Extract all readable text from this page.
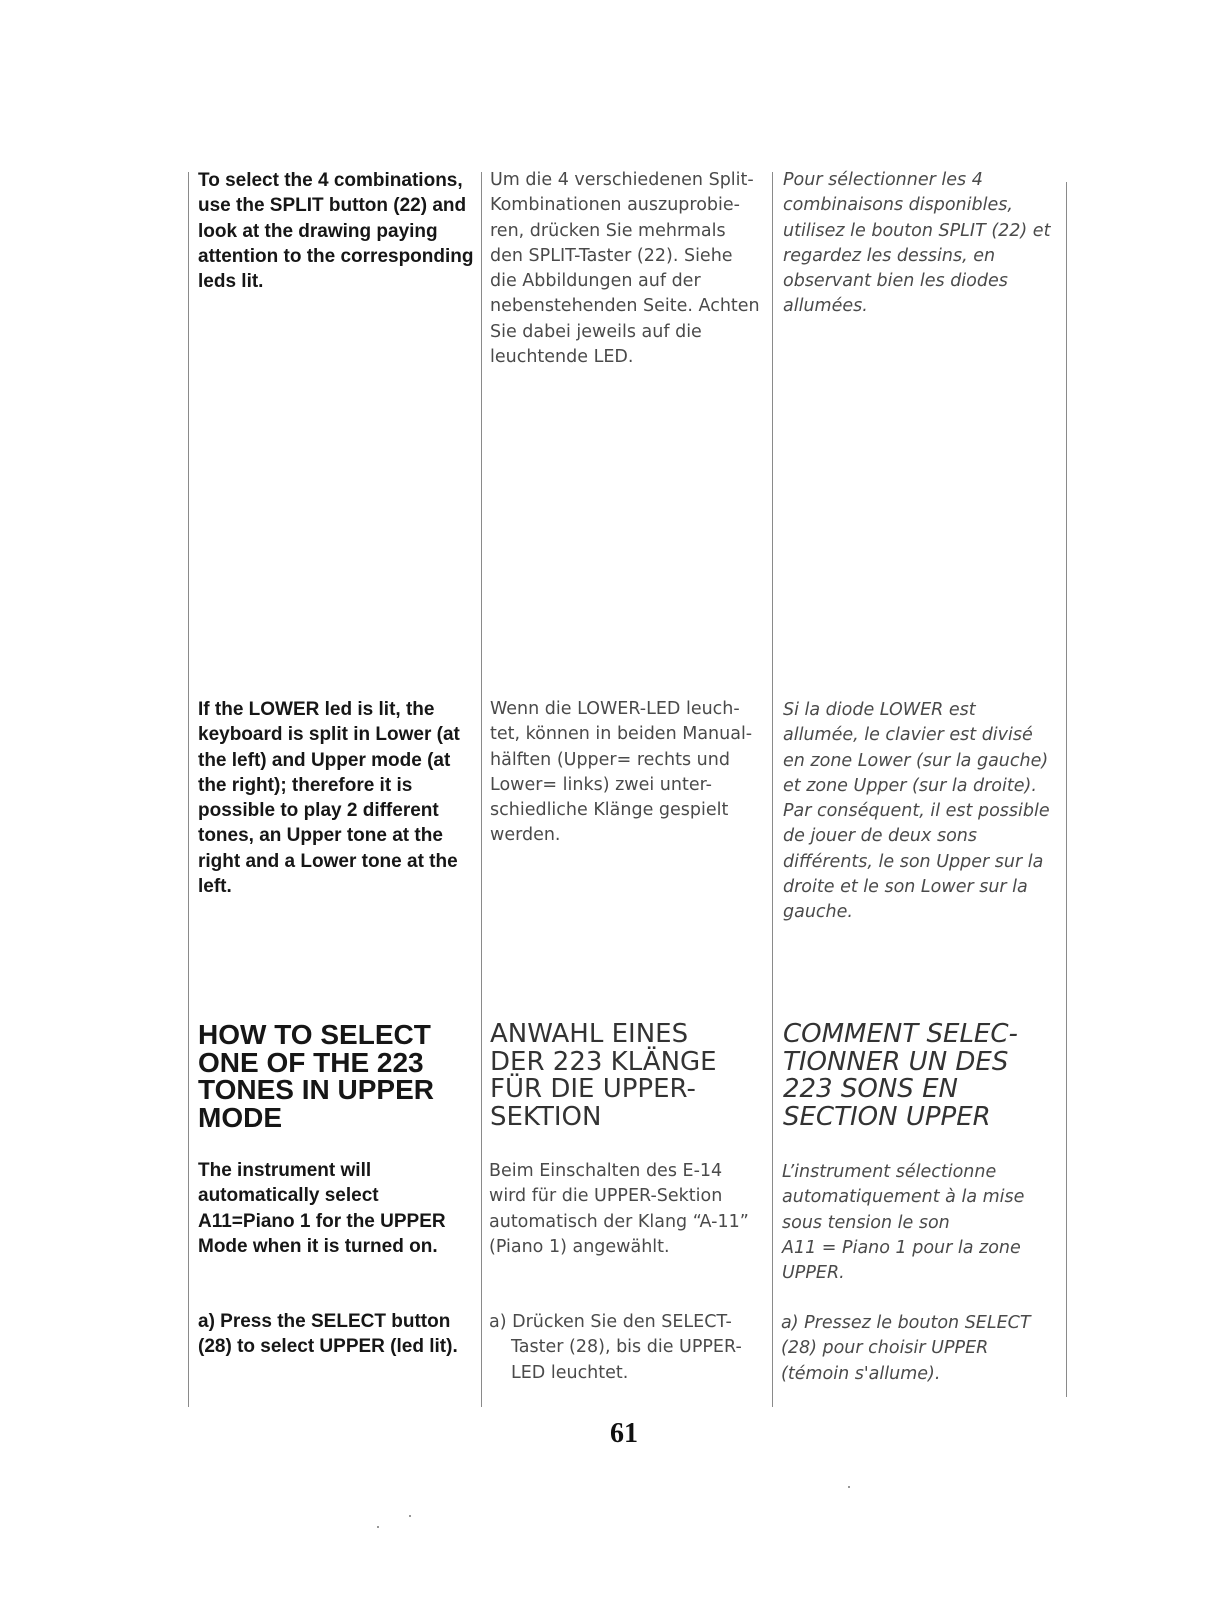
To select the 4 combinations,
use the SPLIT button (22) and
look at the drawing paying
attention to the corresponding
leds lit.
Um die 4 verschiedenen Split-
Kombinationen auszuprobie-
ren, drücken Sie mehrmals
den SPLIT-Taster (22). Siehe
die Abbildungen auf der
nebenstehenden Seite. Achten
Sie dabei jeweils auf die
leuchtende LED.
Pour sélectionner les 4
combinaisons disponibles,
utilisez le bouton SPLIT (22) et
regardez les dessins, en
observant bien les diodes
allumées.
If the LOWER led is lit, the
keyboard is split in Lower (at
the left) and Upper mode (at
the right); therefore it is
possible to play 2 different
tones, an Upper tone at the
right and a Lower tone at the
left.
Wenn die LOWER-LED leuch-
tet, können in beiden Manual-
hälften (Upper= rechts und
Lower= links) zwei unter-
schiedliche Klänge gespielt
werden.
Si la diode LOWER est
allumée, le clavier est divisé
en zone Lower (sur la gauche)
et zone Upper (sur la droite).
Par conséquent, il est possible
de jouer de deux sons
différents, le son Upper sur la
droite et le son Lower sur la
gauche.
HOW TO SELECT
ONE OF THE 223
TONES IN UPPER
MODE
ANWAHL EINES
DER 223 KLÄNGE
FÜR DIE UPPER-
SEKTION
COMMENT SELEC-
TIONNER UN DES
223 SONS EN
SECTION UPPER
The instrument will
automatically select
A11=Piano 1 for the UPPER
Mode when it is turned on.
Beim Einschalten des E-14
wird für die UPPER-Sektion
automatisch der Klang “A-11”
(Piano 1) angewählt.
L’instrument sélectionne
automatiquement à la mise
sous tension le son
A11 = Piano 1 pour la zone
UPPER.
a) Press the SELECT button
(28) to select UPPER (led lit).
a) Drücken Sie den SELECT-
Taster (28), bis die UPPER-
LED leuchtet.
a) Pressez le bouton SELECT
(28) pour choisir UPPER
(témoin s'allume).
61
